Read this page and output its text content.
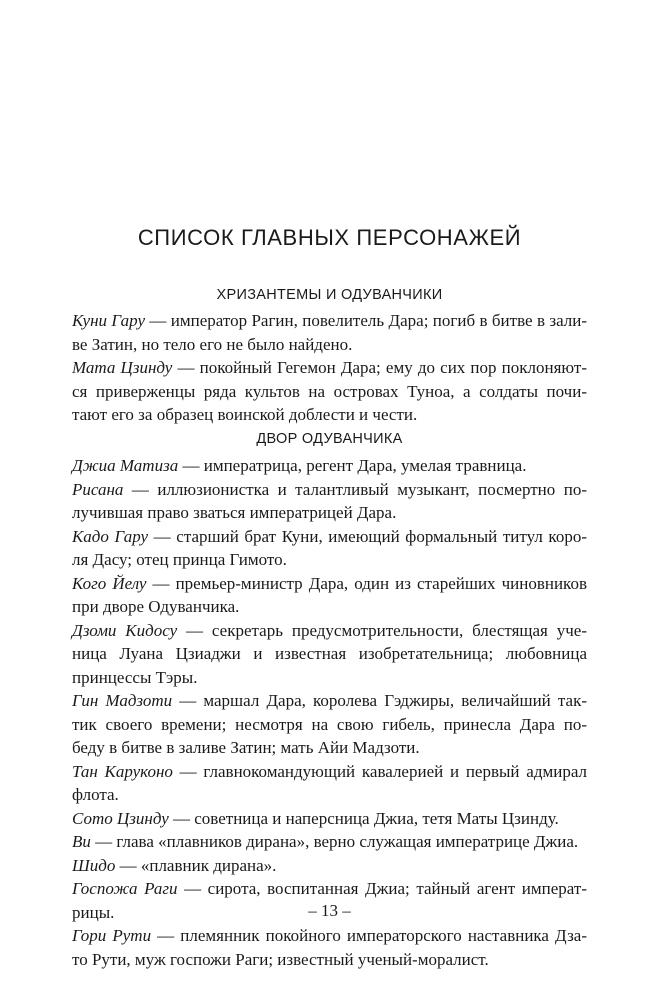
СПИСОК ГЛАВНЫХ ПЕРСОНАЖЕЙ
ХРИЗАНТЕМЫ И ОДУВАНЧИКИ
Куни Гару — император Рагин, повелитель Дара; погиб в битве в зали-
ве Затин, но тело его не было найдено.
Мата Цзинду — покойный Гегемон Дара; ему до сих пор поклоняют-
ся приверженцы ряда культов на островах Туноа, а солдаты почи-
тают его за образец воинской доблести и чести.
ДВОР ОДУВАНЧИКА
Джиа Матиза — императрица, регент Дара, умелая травница.
Рисана — иллюзионистка и талантливый музыкант, посмертно по-
лучившая право зваться императрицей Дара.
Кадо Гару — старший брат Куни, имеющий формальный титул коро-
ля Дасу; отец принца Гимото.
Кого Йелу — премьер-министр Дара, один из старейших чиновников
при дворе Одуванчика.
Дзоми Кидосу — секретарь предусмотрительности, блестящая уче-
ница Луана Цзиаджи и известная изобретательница; любовница
принцессы Тэры.
Гин Мадзоти — маршал Дара, королева Гэджиры, величайший так-
тик своего времени; несмотря на свою гибель, принесла Дара по-
беду в битве в заливе Затин; мать Айи Мадзоти.
Тан Каруконо — главнокомандующий кавалерией и первый адмирал
флота.
Сото Цзинду — советница и наперсница Джиа, тетя Маты Цзинду.
Ви — глава «плавников дирана», верно служащая императрице Джиа.
Шидо — «плавник дирана».
Госпожа Раги — сирота, воспитанная Джиа; тайный агент императ-
рицы.
Гори Рути — племянник покойного императорского наставника Дза-
то Рути, муж госпожи Раги; известный ученый-моралист.
– 13 –
